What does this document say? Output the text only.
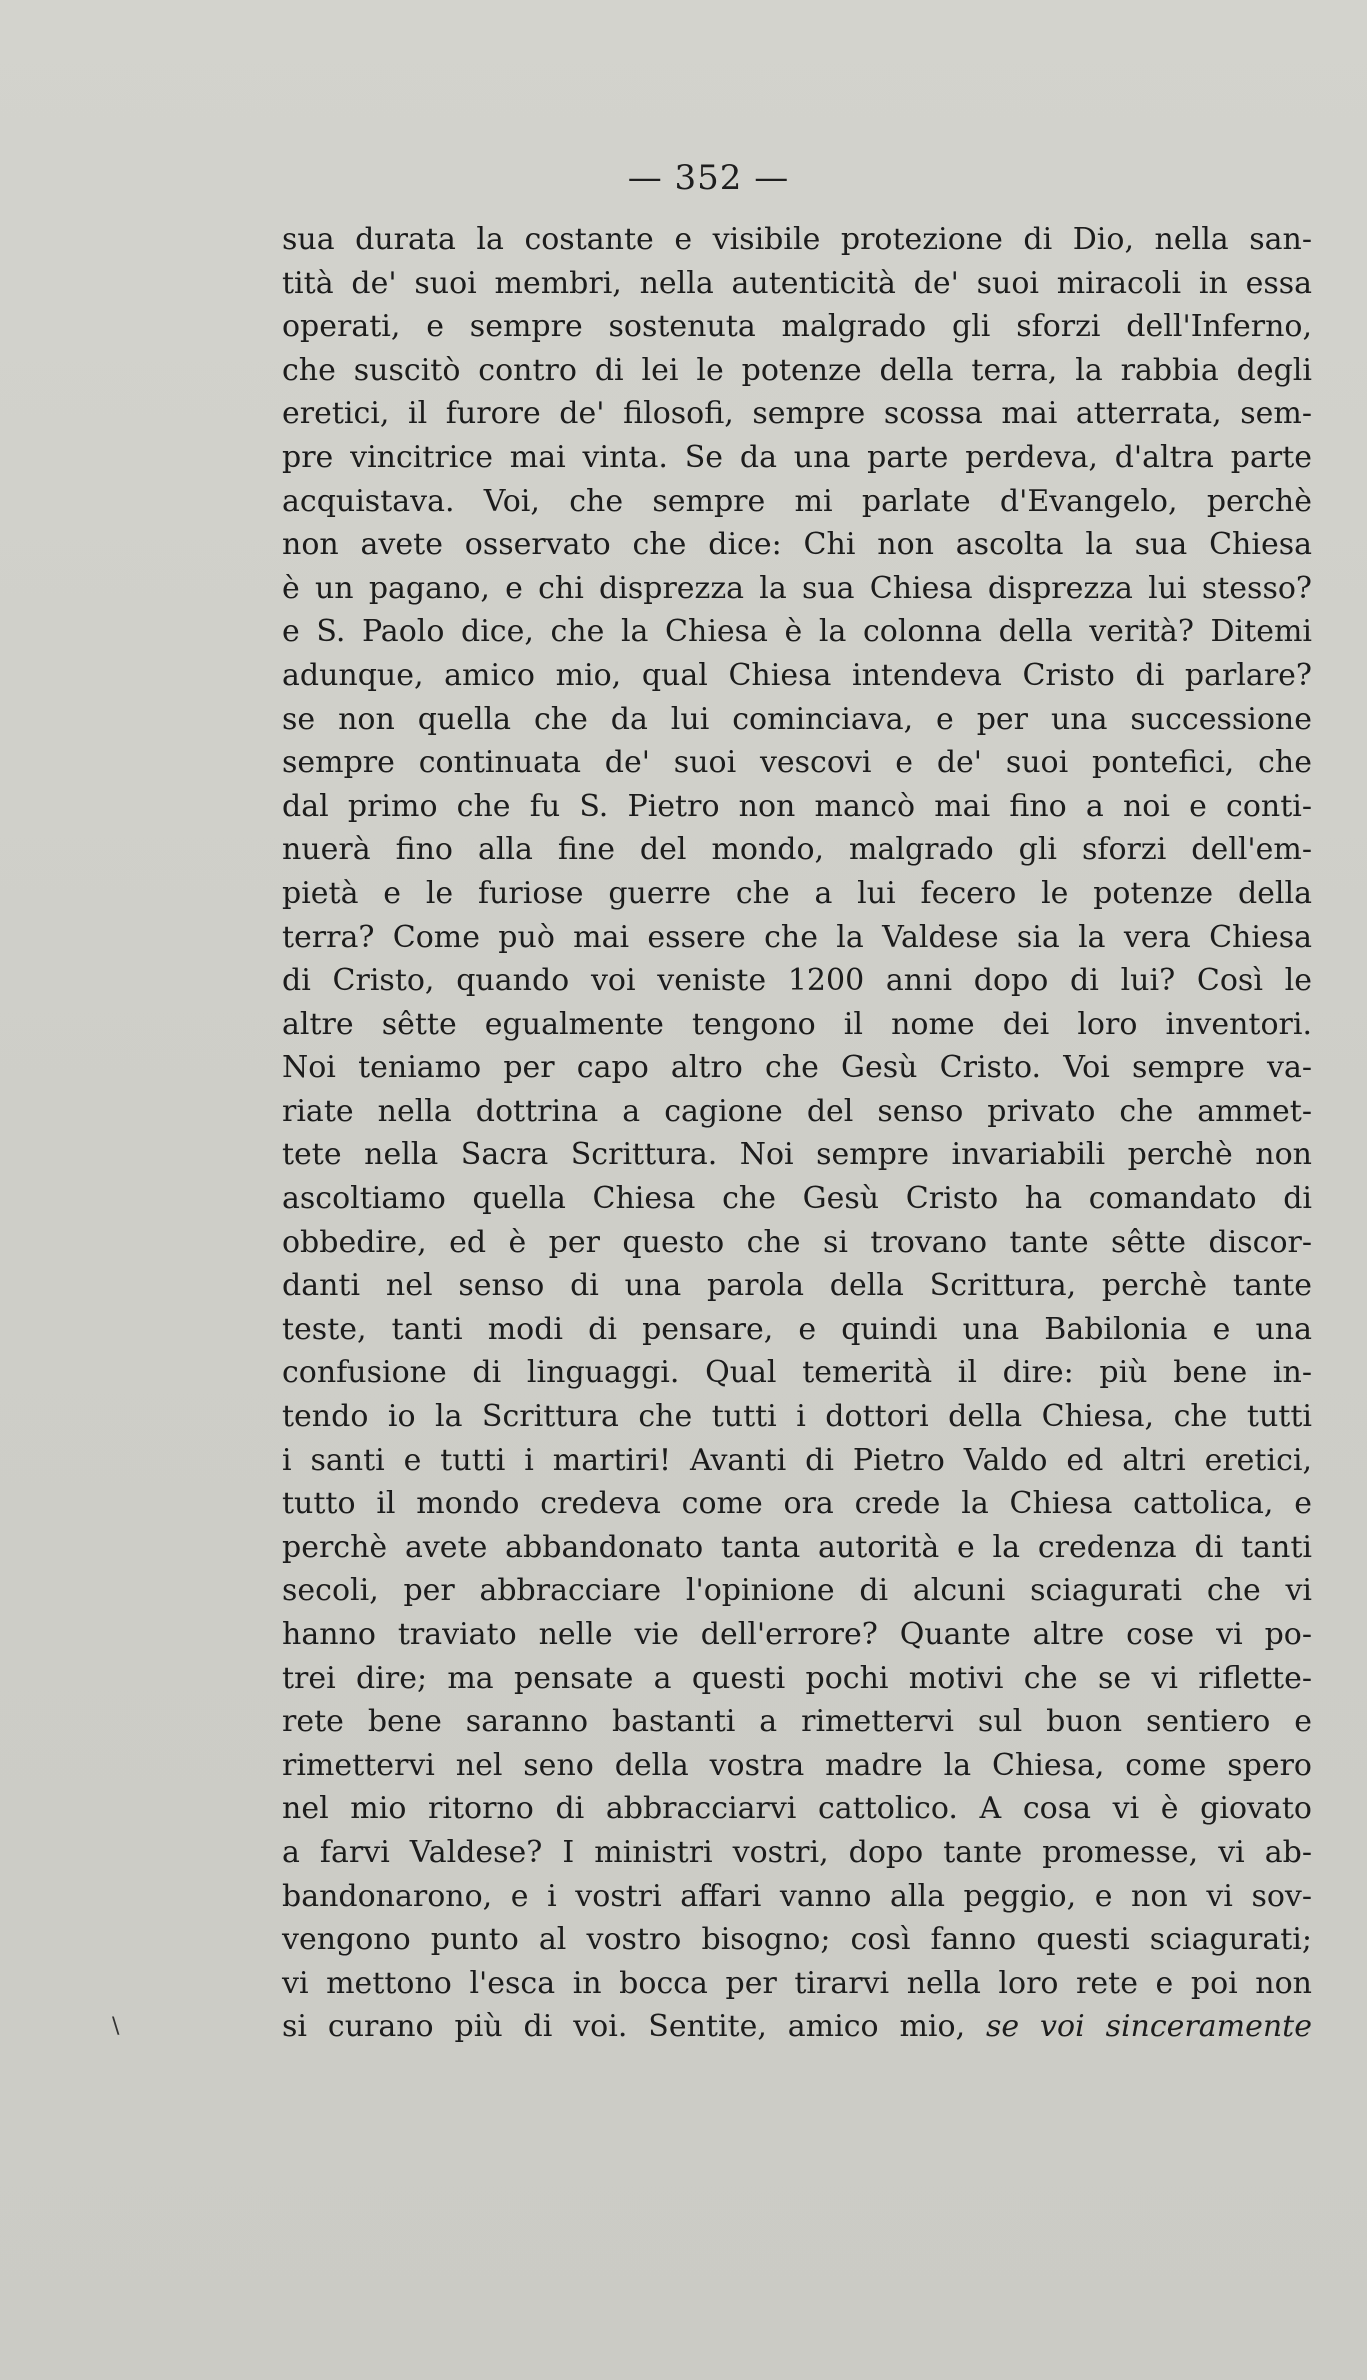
— 352 —
sua durata la costante e visibile protezione di Dio, nella san-
tità de' suoi membri, nella autenticità de' suoi miracoli in essa
operati, e sempre sostenuta malgrado gli sforzi dell'Inferno,
che suscitò contro di lei le potenze della terra, la rabbia degli
eretici, il furore de' filosofi, sempre scossa mai atterrata, sem-
pre vincitrice mai vinta. Se da una parte perdeva, d'altra parte
acquistava. Voi, che sempre mi parlate d'Evangelo, perchè
non avete osservato che dice: Chi non ascolta la sua Chiesa
è un pagano, e chi disprezza la sua Chiesa disprezza lui stesso?
e S. Paolo dice, che la Chiesa è la colonna della verità? Ditemi
adunque, amico mio, qual Chiesa intendeva Cristo di parlare?
se non quella che da lui cominciava, e per una successione
sempre continuata de' suoi vescovi e de' suoi pontefici, che
dal primo che fu S. Pietro non mancò mai fino a noi e conti-
nuerà fino alla fine del mondo, malgrado gli sforzi dell'em-
pietà e le furiose guerre che a lui fecero le potenze della
terra? Come può mai essere che la Valdese sia la vera Chiesa
di Cristo, quando voi veniste 1200 anni dopo di lui? Così le
altre sêtte egualmente tengono il nome dei loro inventori.
Noi teniamo per capo altro che Gesù Cristo. Voi sempre va-
riate nella dottrina a cagione del senso privato che ammet-
tete nella Sacra Scrittura. Noi sempre invariabili perchè non
ascoltiamo quella Chiesa che Gesù Cristo ha comandato di
obbedire, ed è per questo che si trovano tante sêtte discor-
danti nel senso di una parola della Scrittura, perchè tante
teste, tanti modi di pensare, e quindi una Babilonia e una
confusione di linguaggi. Qual temerità il dire: più bene in-
tendo io la Scrittura che tutti i dottori della Chiesa, che tutti
i santi e tutti i martiri! Avanti di Pietro Valdo ed altri eretici,
tutto il mondo credeva come ora crede la Chiesa cattolica, e
perchè avete abbandonato tanta autorità e la credenza di tanti
secoli, per abbracciare l'opinione di alcuni sciagurati che vi
hanno traviato nelle vie dell'errore? Quante altre cose vi po-
trei dire; ma pensate a questi pochi motivi che se vi riflette-
rete bene saranno bastanti a rimettervi sul buon sentiero e
rimettervi nel seno della vostra madre la Chiesa, come spero
nel mio ritorno di abbracciarvi cattolico. A cosa vi è giovato
a farvi Valdese? I ministri vostri, dopo tante promesse, vi ab-
bandonarono, e i vostri affari vanno alla peggio, e non vi sov-
vengono punto al vostro bisogno; così fanno questi sciagurati;
vi mettono l'esca in bocca per tirarvi nella loro rete e poi non
si curano più di voi. Sentite, amico mio, se voi sinceramente
\
